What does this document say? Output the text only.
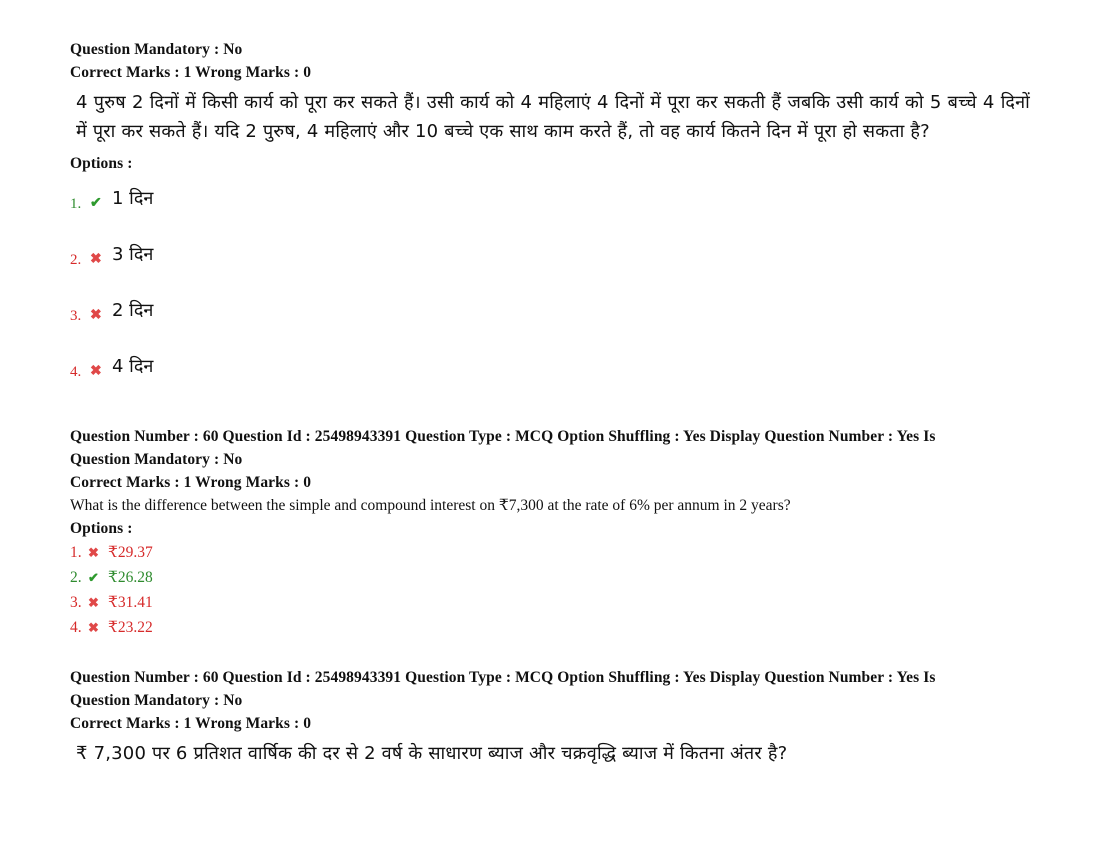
Question Mandatory : No
Correct Marks : 1 Wrong Marks : 0
4 पुरुष 2 दिनों में किसी कार्य को पूरा कर सकते हैं। उसी कार्य को 4 महिलाएं 4 दिनों में पूरा कर सकती हैं जबकि उसी कार्य को 5 बच्चे 4 दिनों में पूरा कर सकते हैं। यदि 2 पुरुष, 4 महिलाएं और 10 बच्चे एक साथ काम करते हैं, तो वह कार्य कितने दिन में पूरा हो सकता है?
Options :
1. ✔ 1 दिन
2. ✖ 3 दिन
3. ✖ 2 दिन
4. ✖ 4 दिन
Question Number : 60 Question Id : 25498943391 Question Type : MCQ Option Shuffling : Yes Display Question Number : Yes Is
Question Mandatory : No
Correct Marks : 1 Wrong Marks : 0
What is the difference between the simple and compound interest on ₹7,300 at the rate of 6% per annum in 2 years?
Options :
1. ✖ ₹29.37
2. ✔ ₹26.28
3. ✖ ₹31.41
4. ✖ ₹23.22
Question Number : 60 Question Id : 25498943391 Question Type : MCQ Option Shuffling : Yes Display Question Number : Yes Is
Question Mandatory : No
Correct Marks : 1 Wrong Marks : 0
₹ 7,300 पर 6 प्रतिशत वार्षिक की दर से 2 वर्ष के साधारण ब्याज और चक्रवृद्धि ब्याज में कितना अंतर है?
